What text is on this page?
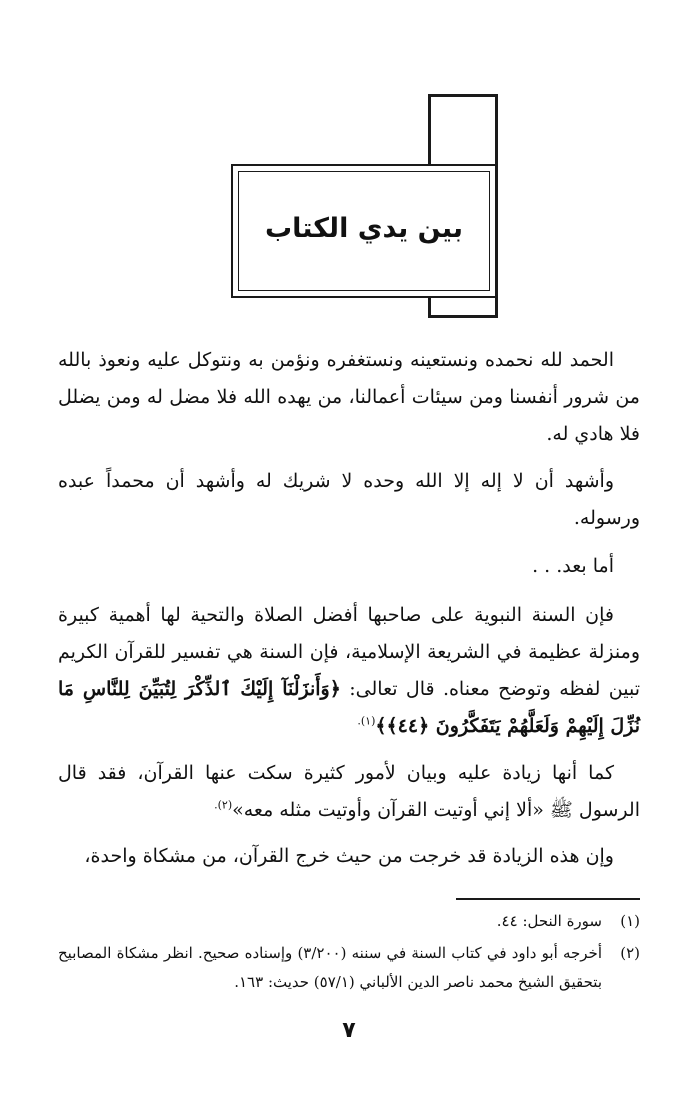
بين يدي الكتاب

الحمد لله نحمده ونستعينه ونستغفره ونؤمن به ونتوكل عليه ونعوذ بالله من شرور أنفسنا ومن سيئات أعمالنا، من يهده الله فلا مضل له ومن يضلل فلا هادي له.

وأشهد أن لا إله إلا الله وحده لا شريك له وأشهد أن محمداً عبده ورسوله.

أما بعد. . .

فإن السنة النبوية على صاحبها أفضل الصلاة والتحية لها أهمية كبيرة ومنزلة عظيمة في الشريعة الإسلامية، فإن السنة هي تفسير للقرآن الكريم تبين لفظه وتوضح معناه. قال تعالى: ﴿وَأَنزَلْنَآ إِلَيْكَ ٱلذِّكْرَ لِتُبَيِّنَ لِلنَّاسِ مَا نُزِّلَ إِلَيْهِمْ وَلَعَلَّهُمْ يَتَفَكَّرُونَ ﴿٤٤﴾﴾$^{(١).}$

كما أنها زيادة عليه وبيان لأمور كثيرة سكت عنها القرآن، فقد قال الرسول ﷺ «ألا إني أوتيت القرآن وأوتيت مثله معه»$^{(٢).}$

وإن هذه الزيادة قد خرجت من حيث خرج القرآن، من مشكاة واحدة،

(١)
سورة النحل: ٤٤.
(٢)
أخرجه أبو داود في كتاب السنة في سننه (٣/٢٠٠) وإسناده صحيح. انظر مشكاة المصابيح بتحقيق الشيخ محمد ناصر الدين الألباني (٥٧/١) حديث: ١٦٣.
٧
